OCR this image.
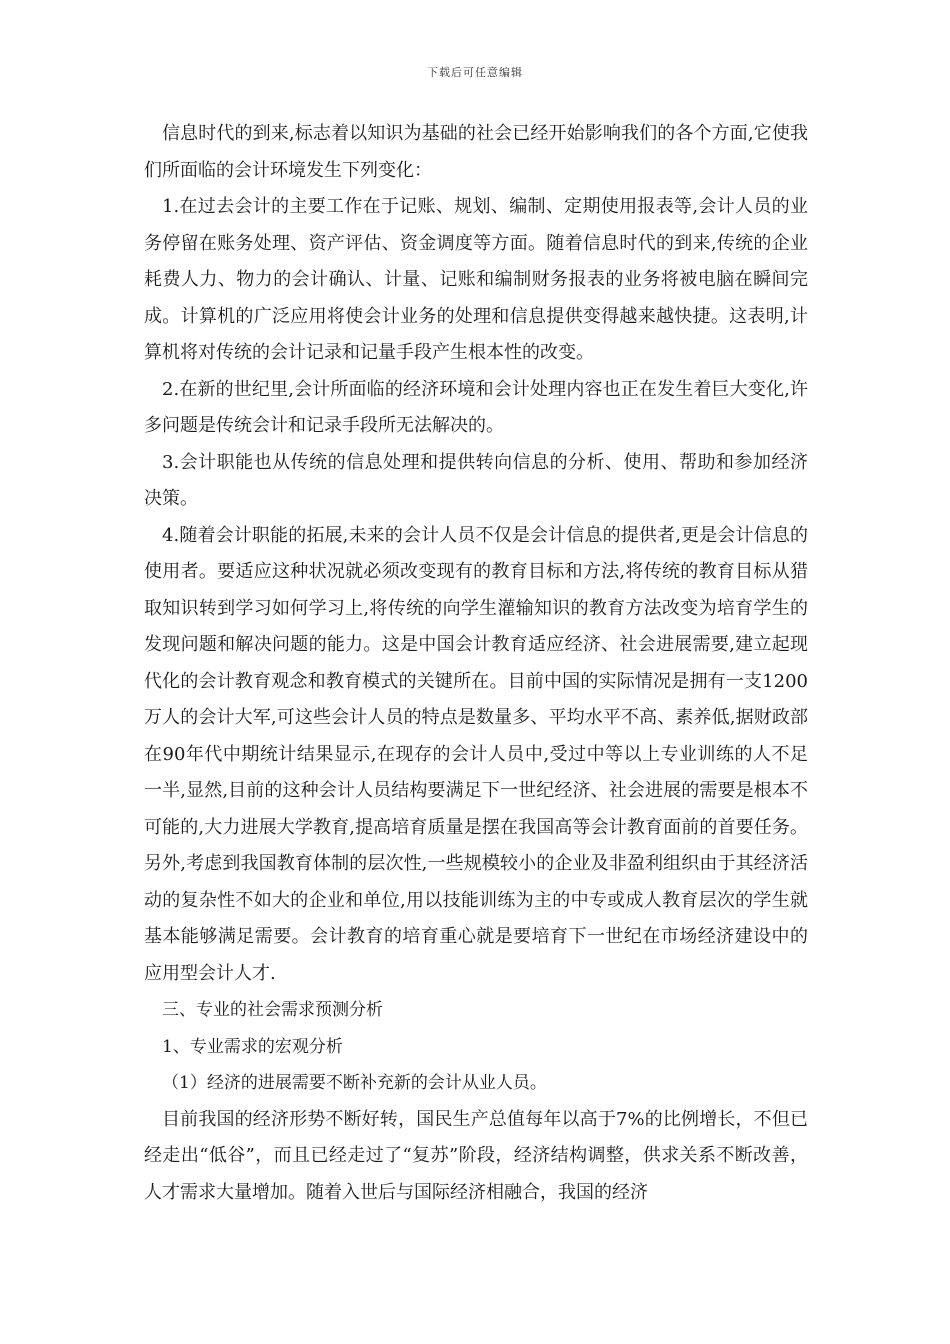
下载后可任意编辑

信息时代的到来,标志着以知识为基础的社会已经开始影响我们的各个方面,它使我们所面临的会计环境发生下列变化：

1.在过去会计的主要工作在于记账、规划、编制、定期使用报表等,会计人员的业务停留在账务处理、资产评估、资金调度等方面。随着信息时代的到来,传统的企业耗费人力、物力的会计确认、计量、记账和编制财务报表的业务将被电脑在瞬间完成。计算机的广泛应用将使会计业务的处理和信息提供变得越来越快捷。这表明,计算机将对传统的会计记录和记量手段产生根本性的改变。

2.在新的世纪里,会计所面临的经济环境和会计处理内容也正在发生着巨大变化,许多问题是传统会计和记录手段所无法解决的。

3.会计职能也从传统的信息处理和提供转向信息的分析、使用、帮助和参加经济决策。

4.随着会计职能的拓展,未来的会计人员不仅是会计信息的提供者,更是会计信息的使用者。要适应这种状况就必须改变现有的教育目标和方法,将传统的教育目标从猎取知识转到学习如何学习上,将传统的向学生灌输知识的教育方法改变为培育学生的发现问题和解决问题的能力。这是中国会计教育适应经济、社会进展需要,建立起现代化的会计教育观念和教育模式的关键所在。目前中国的实际情况是拥有一支1200万人的会计大军,可这些会计人员的特点是数量多、平均水平不高、素养低,据财政部在90年代中期统计结果显示,在现存的会计人员中,受过中等以上专业训练的人不足一半,显然,目前的这种会计人员结构要满足下一世纪经济、社会进展的需要是根本不可能的,大力进展大学教育,提高培育质量是摆在我国高等会计教育面前的首要任务。另外,考虑到我国教育体制的层次性,一些规模较小的企业及非盈利组织由于其经济活动的复杂性不如大的企业和单位,用以技能训练为主的中专或成人教育层次的学生就基本能够满足需要。会计教育的培育重心就是要培育下一世纪在市场经济建设中的应用型会计人才.

三、专业的社会需求预测分析

1、专业需求的宏观分析

（1）经济的进展需要不断补充新的会计从业人员。

目前我国的经济形势不断好转，国民生产总值每年以高于7%的比例增长，不但已经走出“低谷”，而且已经走过了“复苏”阶段，经济结构调整，供求关系不断改善，人才需求大量增加。随着入世后与国际经济相融合，我国的经济
